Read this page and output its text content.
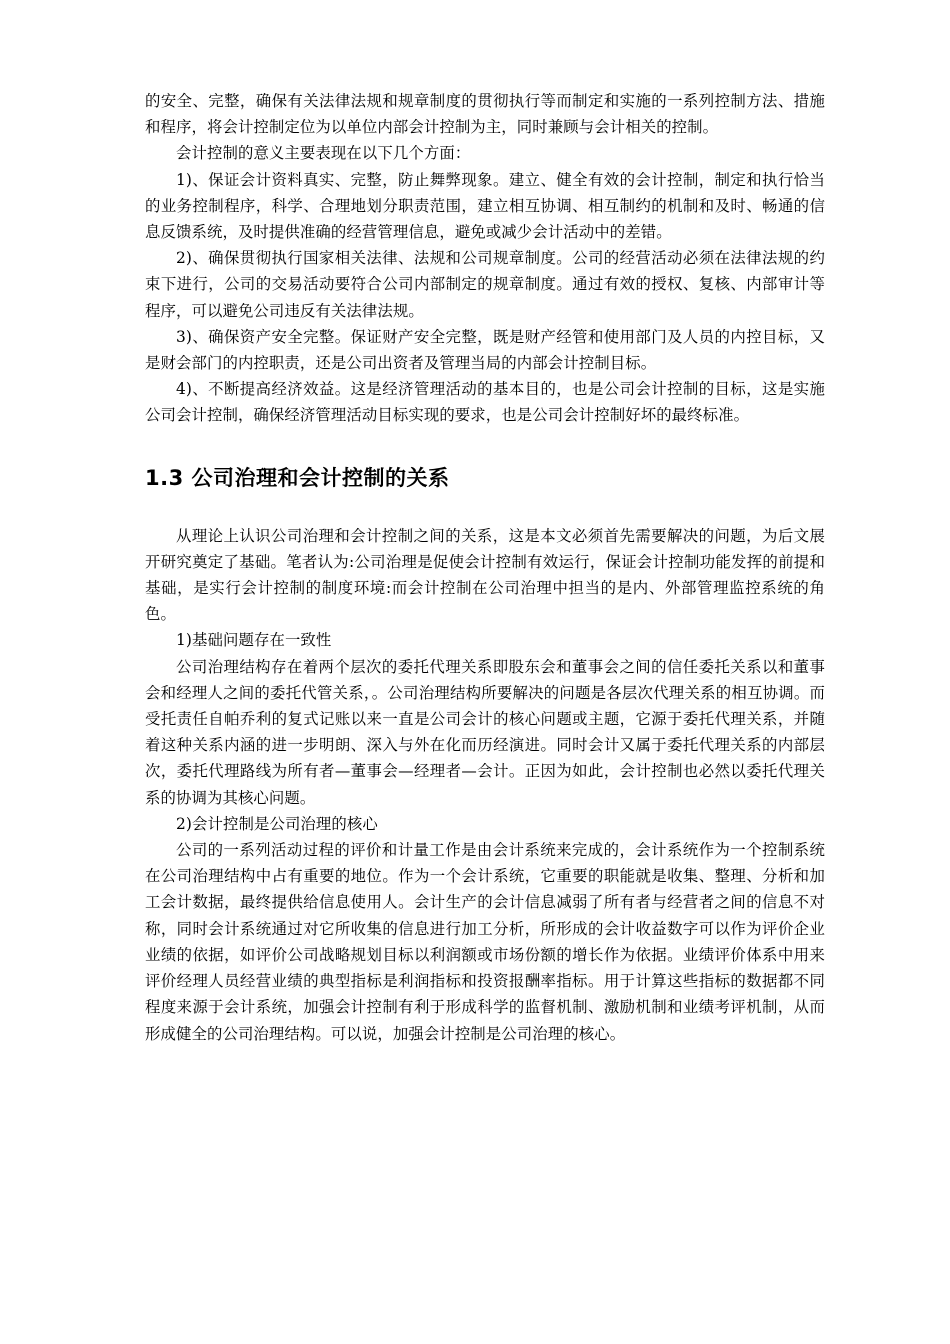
的安全、完整，确保有关法律法规和规章制度的贯彻执行等而制定和实施的一系列控制方法、措施和程序，将会计控制定位为以单位内部会计控制为主，同时兼顾与会计相关的控制。

会计控制的意义主要表现在以下几个方面：

1)、保证会计资料真实、完整，防止舞弊现象。建立、健全有效的会计控制，制定和执行恰当的业务控制程序，科学、合理地划分职责范围，建立相互协调、相互制约的机制和及时、畅通的信息反馈系统，及时提供准确的经营管理信息，避免或减少会计活动中的差错。

2)、确保贯彻执行国家相关法律、法规和公司规章制度。公司的经营活动必须在法律法规的约束下进行，公司的交易活动要符合公司内部制定的规章制度。通过有效的授权、复核、内部审计等程序，可以避免公司违反有关法律法规。

3)、确保资产安全完整。保证财产安全完整，既是财产经管和使用部门及人员的内控目标，又是财会部门的内控职责，还是公司出资者及管理当局的内部会计控制目标。

4)、不断提高经济效益。这是经济管理活动的基本目的，也是公司会计控制的目标，这是实施公司会计控制，确保经济管理活动目标实现的要求，也是公司会计控制好坏的最终标准。

1.3 公司治理和会计控制的关系

从理论上认识公司治理和会计控制之间的关系，这是本文必须首先需要解决的问题，为后文展开研究奠定了基础。笔者认为:公司治理是促使会计控制有效运行，保证会计控制功能发挥的前提和基础，是实行会计控制的制度环境:而会计控制在公司治理中担当的是内、外部管理监控系统的角色。

1)基础问题存在一致性

公司治理结构存在着两个层次的委托代理关系即股东会和董事会之间的信任委托关系以和董事会和经理人之间的委托代管关系，。公司治理结构所要解决的问题是各层次代理关系的相互协调。而受托责任自帕乔利的复式记账以来一直是公司会计的核心问题或主题，它源于委托代理关系，并随着这种关系内涵的进一步明朗、深入与外在化而历经演进。同时会计又属于委托代理关系的内部层次，委托代理路线为所有者—董事会—经理者—会计。正因为如此，会计控制也必然以委托代理关系的协调为其核心问题。

2)会计控制是公司治理的核心

公司的一系列活动过程的评价和计量工作是由会计系统来完成的，会计系统作为一个控制系统在公司治理结构中占有重要的地位。作为一个会计系统，它重要的职能就是收集、整理、分析和加工会计数据，最终提供给信息使用人。会计生产的会计信息减弱了所有者与经营者之间的信息不对称，同时会计系统通过对它所收集的信息进行加工分析，所形成的会计收益数字可以作为评价企业业绩的依据，如评价公司战略规划目标以利润额或市场份额的增长作为依据。业绩评价体系中用来评价经理人员经营业绩的典型指标是利润指标和投资报酬率指标。用于计算这些指标的数据都不同程度来源于会计系统，加强会计控制有利于形成科学的监督机制、激励机制和业绩考评机制，从而形成健全的公司治理结构。可以说，加强会计控制是公司治理的核心。
